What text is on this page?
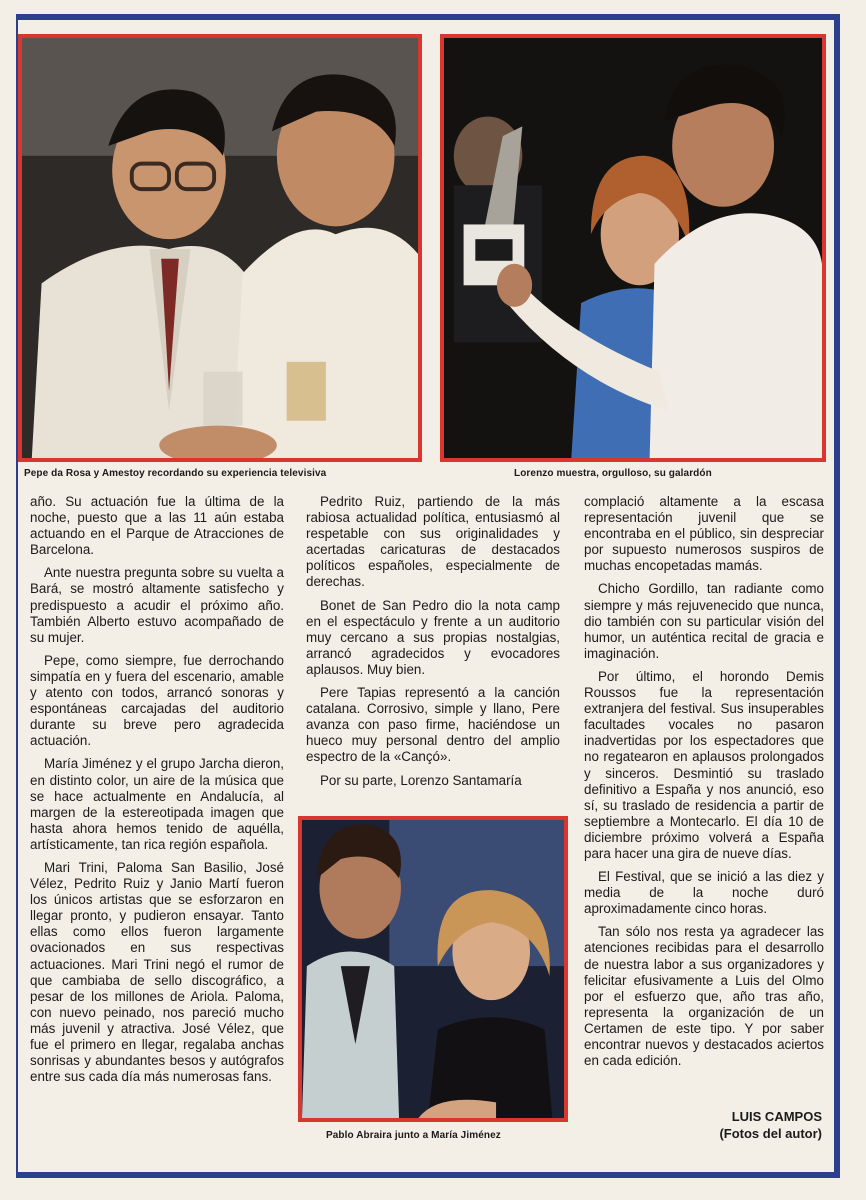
Pepe da Rosa y Amestoy recordando su experiencia televisiva	Lorenzo muestra, orgulloso, su galardón

año. Su actuación fue la última de la noche, puesto que a las 11 aún estaba actuando en el Parque de Atracciones de Barcelona.

Ante nuestra pregunta sobre su vuelta a Bará, se mostró altamente satisfecho y predispuesto a acudir el próximo año. También Alberto estuvo acompañado de su mujer.

Pepe, como siempre, fue derrochando simpatía en y fuera del escenario, amable y atento con todos, arrancó sonoras y espontáneas carcajadas del auditorio durante su breve pero agradecida actuación.

María Jiménez y el grupo Jarcha dieron, en distinto color, un aire de la música que se hace actualmente en Andalucía, al margen de la estereotipada imagen que hasta ahora hemos tenido de aquélla, artísticamente, tan rica región española.

Mari Trini, Paloma San Basilio, José Vélez, Pedrito Ruiz y Janio Martí fueron los únicos artistas que se esforzaron en llegar pronto, y pudieron ensayar. Tanto ellas como ellos fueron largamente ovacionados en sus respectivas actuaciones. Mari Trini negó el rumor de que cambiaba de sello discográfico, a pesar de los millones de Ariola. Paloma, con nuevo peinado, nos pareció mucho más juvenil y atractiva. José Vélez, que fue el primero en llegar, regalaba anchas sonrisas y abundantes besos y autógrafos entre sus cada día más numerosas fans.

Pedrito Ruiz, partiendo de la más rabiosa actualidad política, entusiasmó al respetable con sus originalidades y acertadas caricaturas de destacados políticos españoles, especialmente de derechas.

Bonet de San Pedro dio la nota camp en el espectáculo y frente a un auditorio muy cercano a sus propias nostalgias, arrancó agradecidos y evocadores aplausos. Muy bien.

Pere Tapias representó a la canción catalana. Corrosivo, simple y llano, Pere avanza con paso firme, haciéndose un hueco muy personal dentro del amplio espectro de la «Cançó».

Por su parte, Lorenzo Santamaría

Pablo Abraira junto a María Jiménez

complació altamente a la escasa representación juvenil que se encontraba en el público, sin despreciar por supuesto numerosos suspiros de muchas encopetadas mamás.

Chicho Gordillo, tan radiante como siempre y más rejuvenecido que nunca, dio también con su particular visión del humor, un auténtica recital de gracia e imaginación.

Por último, el horondo Demis Roussos fue la representación extranjera del festival. Sus insuperables facultades vocales no pasaron inadvertidas por los espectadores que no regatearon en aplausos prolongados y sinceros. Desmintió su traslado definitivo a España y nos anunció, eso sí, su traslado de residencia a partir de septiembre a Montecarlo. El día 10 de diciembre próximo volverá a España para hacer una gira de nueve días.

El Festival, que se inició a las diez y media de la noche duró aproximadamente cinco horas.

Tan sólo nos resta ya agradecer las atenciones recibidas para el desarrollo de nuestra labor a sus organizadores y felicitar efusivamente a Luis del Olmo por el esfuerzo que, año tras año, representa la organización de un Certamen de este tipo. Y por saber encontrar nuevos y destacados aciertos en cada edición.

LUIS CAMPOS
(Fotos del autor)
